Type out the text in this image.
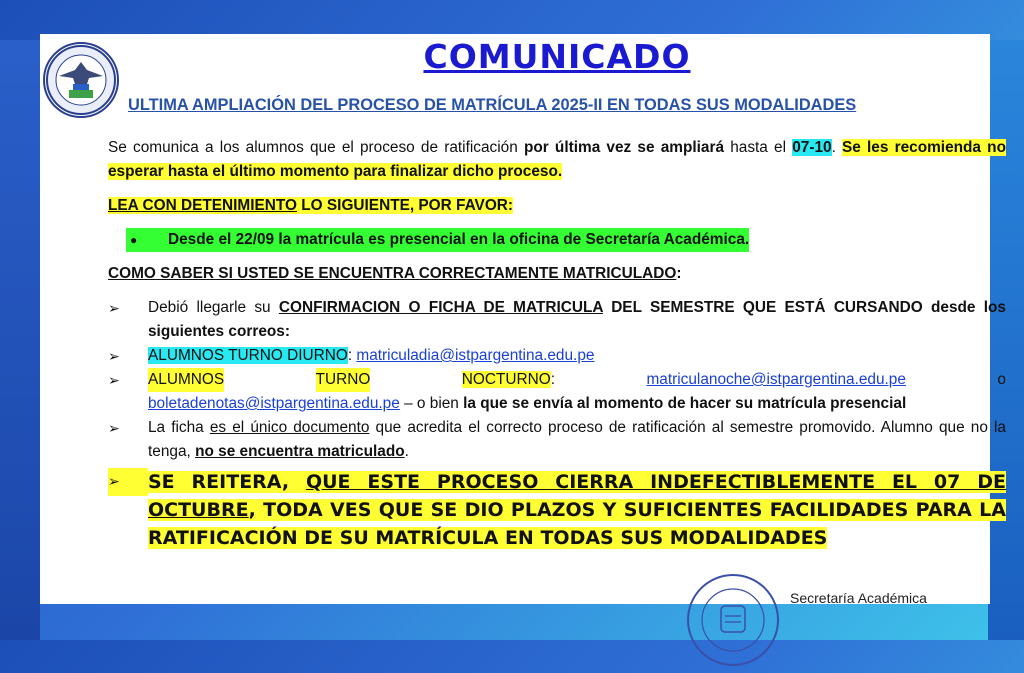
COMUNICADO
ULTIMA AMPLIACIÓN DEL PROCESO DE MATRÍCULA 2025-II EN TODAS SUS MODALIDADES

Se comunica a los alumnos que el proceso de ratificación por última vez se ampliará hasta el 07-10. Se les recomienda no esperar hasta el último momento para finalizar dicho proceso.

LEA CON DETENIMIENTO LO SIGUIENTE, POR FAVOR:

●	Desde el 22/09 la matrícula es presencial en la oficina de Secretaría Académica.

COMO SABER SI USTED SE ENCUENTRA CORRECTAMENTE MATRICULADO:

➢	Debió llegarle su CONFIRMACION O FICHA DE MATRICULA DEL SEMESTRE QUE ESTÁ CURSANDO desde los siguientes correos:
➢	ALUMNOS TURNO DIURNO: matriculadia@istpargentina.edu.pe
➢	ALUMNOS	TURNO	NOCTURNO:	matriculanoche@istpargentina.edu.pe	o
boletadenotas@istpargentina.edu.pe – o bien la que se envía al momento de hacer su matrícula presencial
➢	La ficha es el único documento que acredita el correcto proceso de ratificación al semestre promovido. Alumno que no la tenga, no se encuentra matriculado.
➢	SE REITERA, QUE ESTE PROCESO CIERRA INDEFECTIBLEMENTE EL 07 DE OCTUBRE, TODA VES QUE SE DIO PLAZOS Y SUFICIENTES FACILIDADES PARA LA RATIFICACIÓN DE SU MATRÍCULA EN TODAS SUS MODALIDADES
Secretaría Académica
